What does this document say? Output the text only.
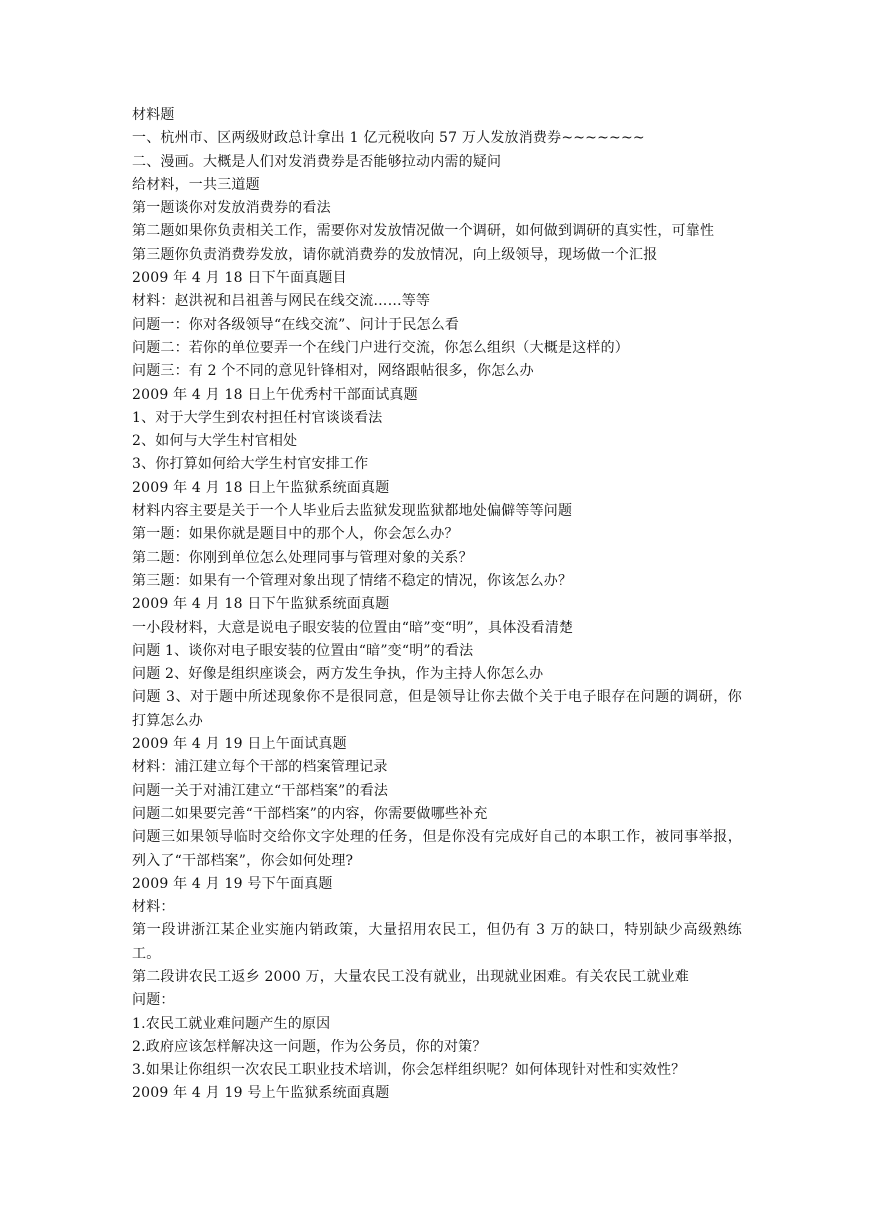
材料题

一、杭州市、区两级财政总计拿出 1 亿元税收向 57 万人发放消费券~~~~~~~

二、漫画。大概是人们对发消费券是否能够拉动内需的疑问

给材料，一共三道题

第一题谈你对发放消费券的看法

第二题如果你负责相关工作，需要你对发放情况做一个调研，如何做到调研的真实性，可靠性

第三题你负责消费券发放，请你就消费券的发放情况，向上级领导，现场做一个汇报

2009 年 4 月 18 日下午面真题目

材料：赵洪祝和吕祖善与网民在线交流……等等

问题一：你对各级领导“在线交流”、问计于民怎么看

问题二：若你的单位要弄一个在线门户进行交流，你怎么组织（大概是这样的）

问题三：有 2 个不同的意见针锋相对，网络跟帖很多，你怎么办

2009 年 4 月 18 日上午优秀村干部面试真题

1、对于大学生到农村担任村官谈谈看法

2、如何与大学生村官相处

3、你打算如何给大学生村官安排工作

2009 年 4 月 18 日上午监狱系统面真题

材料内容主要是关于一个人毕业后去监狱发现监狱都地处偏僻等等问题

第一题：如果你就是题目中的那个人，你会怎么办？

第二题：你刚到单位怎么处理同事与管理对象的关系？

第三题：如果有一个管理对象出现了情绪不稳定的情况，你该怎么办？

2009 年 4 月 18 日下午监狱系统面真题

一小段材料，大意是说电子眼安装的位置由“暗”变“明”，具体没看清楚

问题 1、谈你对电子眼安装的位置由“暗”变“明”的看法

问题 2、好像是组织座谈会，两方发生争执，作为主持人你怎么办

问题 3、对于题中所述现象你不是很同意，但是领导让你去做个关于电子眼存在问题的调研，你打算怎么办

2009 年 4 月 19 日上午面试真题

材料：浦江建立每个干部的档案管理记录

问题一关于对浦江建立“干部档案”的看法

问题二如果要完善“干部档案”的内容，你需要做哪些补充

问题三如果领导临时交给你文字处理的任务，但是你没有完成好自己的本职工作，被同事举报，列入了“干部档案”，你会如何处理?

2009 年 4 月 19 号下午面真题

材料：

第一段讲浙江某企业实施内销政策，大量招用农民工，但仍有 3 万的缺口，特别缺少高级熟练工。

第二段讲农民工返乡 2000 万，大量农民工没有就业，出现就业困难。有关农民工就业难

问题：

1.农民工就业难问题产生的原因

2.政府应该怎样解决这一问题，作为公务员，你的对策？

3.如果让你组织一次农民工职业技术培训，你会怎样组织呢？如何体现针对性和实效性？

2009 年 4 月 19 号上午监狱系统面真题
